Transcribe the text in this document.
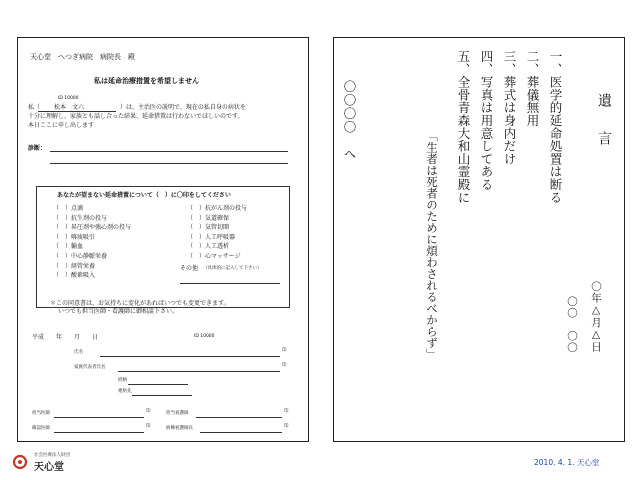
天心堂　へつぎ病院　病院長　殿
私は延命治療措置を希望しません
ID 10000
私（ 松本　文六	）は、主治医の説明で、現在の私自身の病状を
十分に理解し、家族とも話し合った結果、延命措置は行わないでほしいのです。
本日ここに申し出します
診断：
あなたが望まない延命措置について（　）に〇印をしてください
（　）点滴
（　）抗生剤の投与
（　）昇圧剤や強心剤の投与
（　）喀痰吸引
（　）輸血
（　）中心静脈栄養
（　）経管栄養
（　）酸素吸入
（　）抗がん剤の投与
（　）気道確保
（　）気管切開
（　）人工呼吸器
（　）人工透析
（　）心マッサージ
その他 （具体的に記入して下さい）
＊この同意書は、お気持ちに変化があればいつでも変更できます。
いつでも担当医師・看護師に御相談下さい。
平成　　年　　月　　日	ID 10000
氏名	印
家族代表者氏名	印
続柄
連絡先
担当医師	印	担当看護師	印
確認医師	印	病棟看護師長	印
遺　言
一、医学的延命処置は断る
二、葬儀無用
三、葬式は身内だけ
四、写真は用意してある
五、全骨青森大和山霊殿に
「生者は死者のために煩わされるべからず」
〇〇〇〇　へ
〇年△月△日
〇〇　〇〇
社会医療法人財団
天心堂	2010. 4. 1. 天心堂
